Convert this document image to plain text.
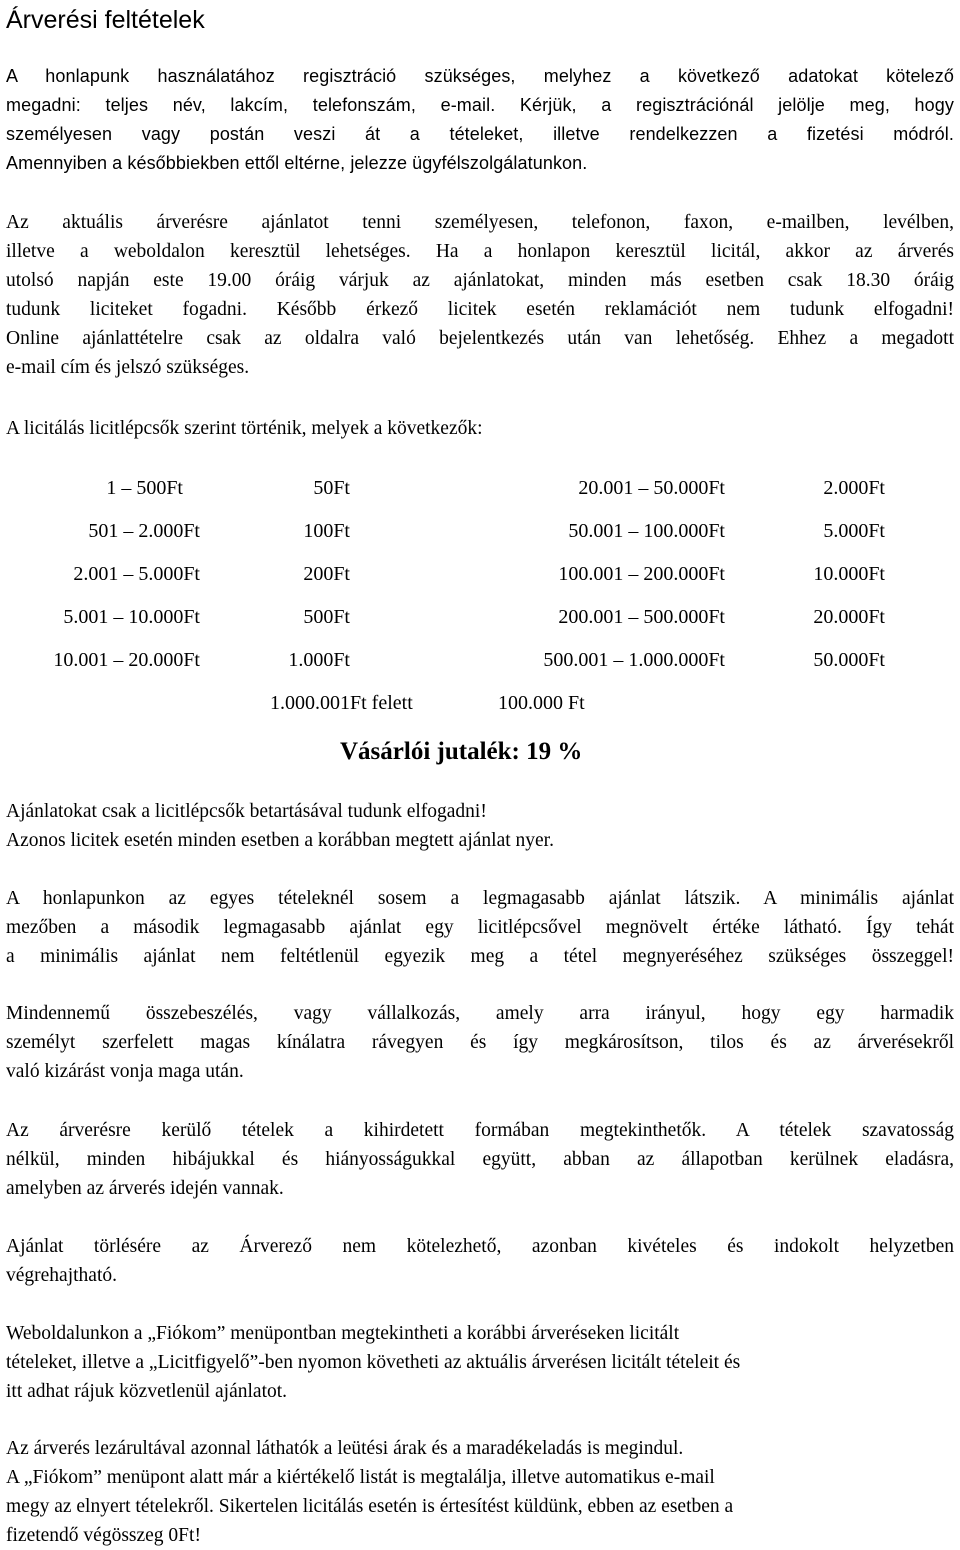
Árverési feltételek
A honlapunk használatához regisztráció szükséges, melyhez a következő adatokat kötelező
megadni: teljes név, lakcím, telefonszám, e-mail. Kérjük, a regisztrációnál jelölje meg, hogy
személyesen vagy postán veszi át a tételeket, illetve rendelkezzen a fizetési módról.
Amennyiben a későbbiekben ettől eltérne, jelezze ügyfélszolgálatunkon.
Az aktuális árverésre ajánlatot tenni személyesen, telefonon, faxon, e-mailben, levélben,
illetve a weboldalon keresztül lehetséges. Ha a honlapon keresztül licitál, akkor az árverés
utolsó napján este 19.00 óráig várjuk az ajánlatokat, minden más esetben csak 18.30 óráig
tudunk liciteket fogadni. Később érkező licitek esetén reklamációt nem tudunk elfogadni!
Online ajánlattételre csak az oldalra való bejelentkezés után van lehetőség. Ehhez a megadott
e-mail cím és jelszó szükséges.
A licitálás licitlépcsők szerint történik, melyek a következők:
1 – 500Ft	50Ft	20.001 – 50.000Ft	2.000Ft
501 – 2.000Ft	100Ft	50.001 – 100.000Ft	5.000Ft
2.001 – 5.000Ft	200Ft	100.001 – 200.000Ft	10.000Ft
5.001 – 10.000Ft	500Ft	200.001 – 500.000Ft	20.000Ft
10.001 – 20.000Ft	1.000Ft	500.001 – 1.000.000Ft	50.000Ft
1.000.001Ft felett	100.000 Ft
Vásárlói jutalék: 19 %
Ajánlatokat csak a licitlépcsők betartásával tudunk elfogadni!
Azonos licitek esetén minden esetben a korábban megtett ajánlat nyer.
A honlapunkon az egyes tételeknél sosem a legmagasabb ajánlat látszik. A minimális ajánlat
mezőben a második legmagasabb ajánlat egy licitlépcsővel megnövelt értéke látható. Így tehát
a minimális ajánlat nem feltétlenül egyezik meg a tétel megnyeréséhez szükséges összeggel!
Mindennemű összebeszélés, vagy vállalkozás, amely arra irányul, hogy egy harmadik
személyt szerfelett magas kínálatra rávegyen és így megkárosítson, tilos és az árverésekről
való kizárást vonja maga után.
Az árverésre kerülő tételek a kihirdetett formában megtekinthetők. A tételek szavatosság
nélkül, minden hibájukkal és hiányosságukkal együtt, abban az állapotban kerülnek eladásra,
amelyben az árverés idején vannak.
Ajánlat törlésére az Árverező nem kötelezhető, azonban kivételes és indokolt helyzetben
végrehajtható.
Weboldalunkon a „Fiókom” menüpontban megtekintheti a korábbi árveréseken licitált
tételeket, illetve a „Licitfigyelő”-ben nyomon követheti az aktuális árverésen licitált tételeit és
itt adhat rájuk közvetlenül ajánlatot.
Az árverés lezárultával azonnal láthatók a leütési árak és a maradékeladás is megindul.
A „Fiókom” menüpont alatt már a kiértékelő listát is megtalálja, illetve automatikus e-mail
megy az elnyert tételekről. Sikertelen licitálás esetén is értesítést küldünk, ebben az esetben a
fizetendő végösszeg 0Ft!
